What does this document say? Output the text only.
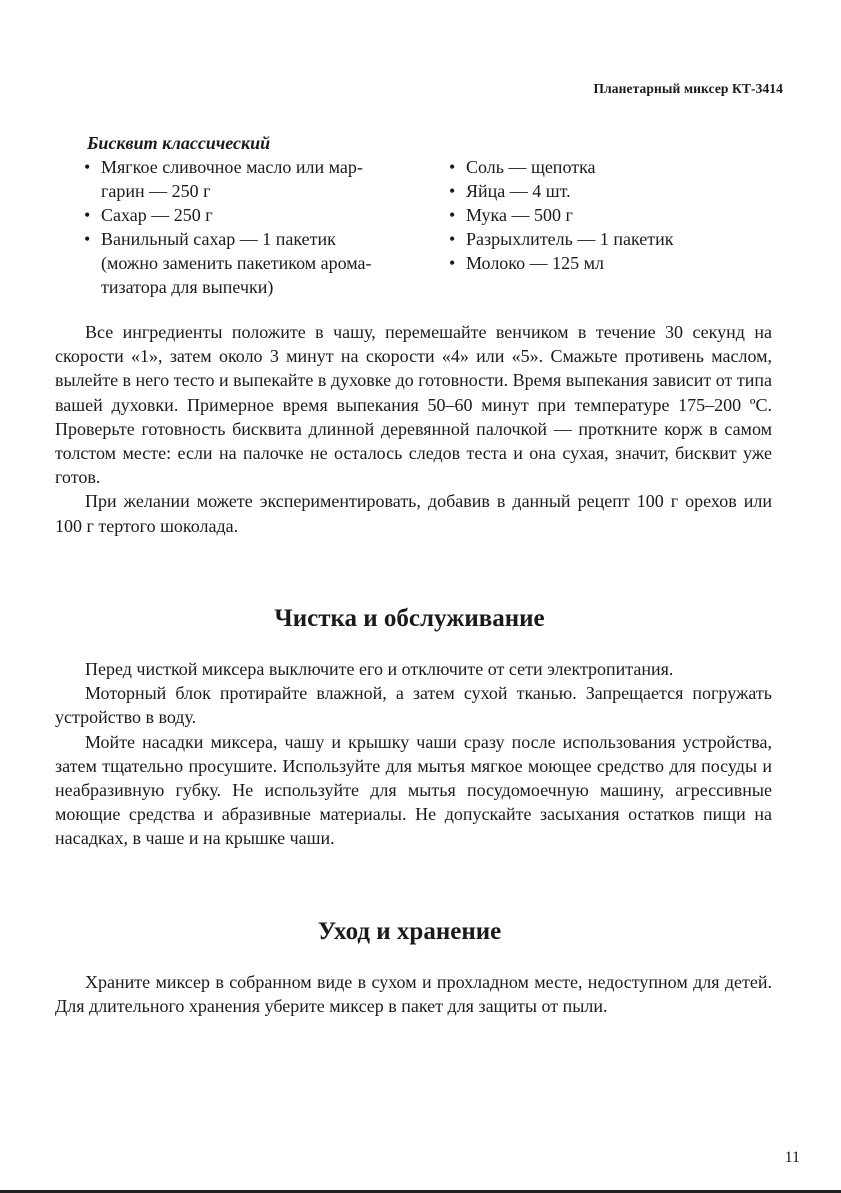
Планетарный миксер КТ-3414
Бисквит классический
• Мягкое сливочное масло или мар-
гарин — 250 г
• Сахар — 250 г
• Ванильный сахар — 1 пакетик
(можно заменить пакетиком арома-
тизатора для выпечки)
• Соль — щепотка
• Яйца — 4 шт.
• Мука — 500 г
• Разрыхлитель — 1 пакетик
• Молоко — 125 мл

Все ингредиенты положите в чашу, перемешайте венчиком в течение 30 секунд на скорости «1», затем около 3 минут на скорости «4» или «5». Смажьте противень маслом, вылейте в него тесто и выпекайте в духовке до готовности. Время выпекания зависит от типа вашей духовки. Примерное время выпекания 50–60 минут при температуре 175–200 ºС. Проверьте готовность бисквита длинной деревянной палочкой — проткните корж в самом толстом месте: если на палочке не осталось следов теста и она сухая, значит, бисквит уже готов.

При желании можете экспериментировать, добавив в данный рецепт 100 г орехов или 100 г тертого шоколада.

Чистка и обслуживание

Перед чисткой миксера выключите его и отключите от сети электропитания.

Моторный блок протирайте влажной, а затем сухой тканью. Запрещается погружать устройство в воду.

Мойте насадки миксера, чашу и крышку чаши сразу после использования устройства, затем тщательно просушите. Используйте для мытья мягкое моющее средство для посуды и неабразивную губку. Не используйте для мытья посудомоечную машину, агрессивные моющие средства и абразивные материалы. Не допускайте засыхания остатков пищи на насадках, в чаше и на крышке чаши.

Уход и хранение

Храните миксер в собранном виде в сухом и прохладном месте, недоступном для детей. Для длительного хранения уберите миксер в пакет для защиты от пыли.

11
